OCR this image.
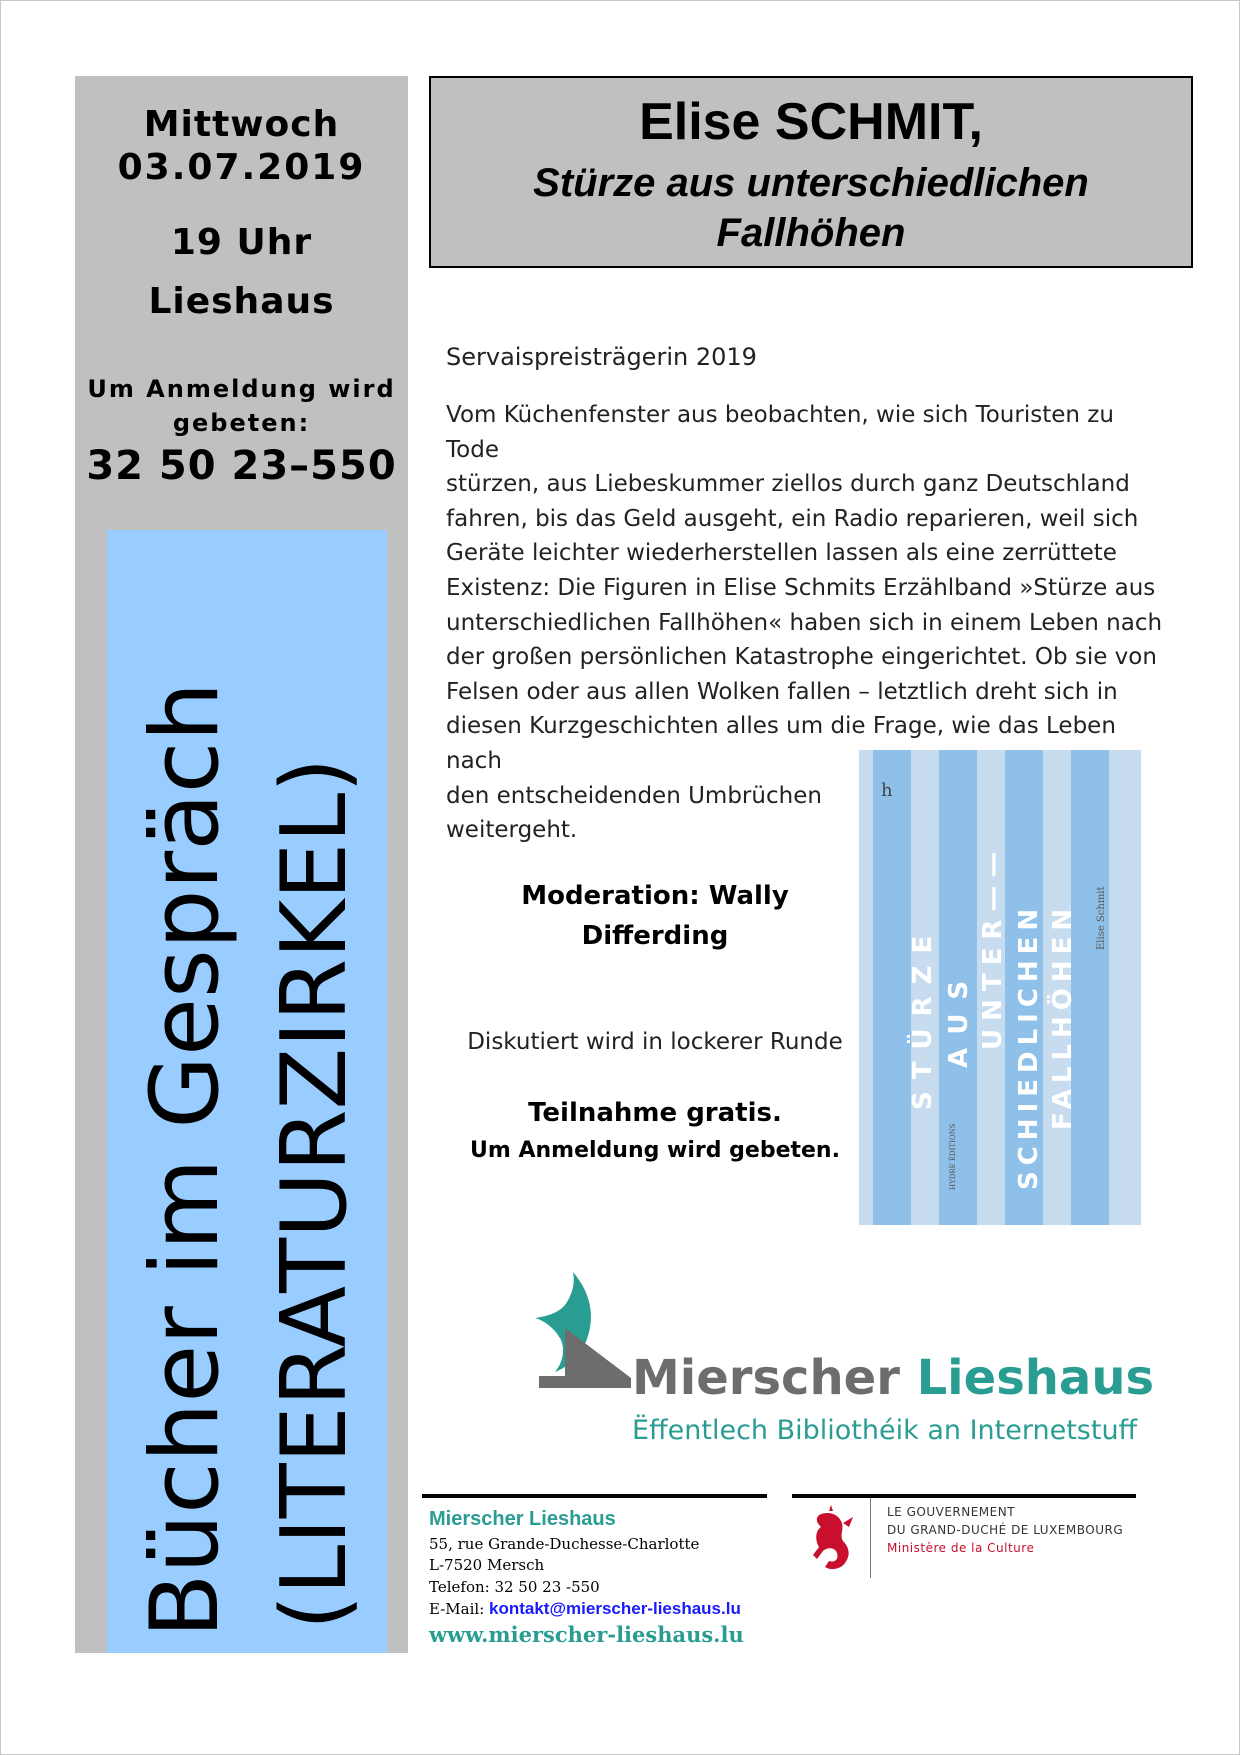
Mittwoch
03.07.2019
19 Uhr
Lieshaus
Um Anmeldung wird
gebeten:
32 50 23–550
Bücher im Gespräch (LITERATURZIRKEL)
Elise SCHMIT,
Stürze aus unterschiedlichen
Fallhöhen
Servaispreisträgerin 2019
Vom Küchenfenster aus beobachten, wie sich Touristen zu Tode
stürzen, aus Liebeskummer ziellos durch ganz Deutschland
fahren, bis das Geld ausgeht, ein Radio reparieren, weil sich
Geräte leichter wiederherstellen lassen als eine zerrüttete
Existenz: Die Figuren in Elise Schmits Erzählband »Stürze aus
unterschiedlichen Fallhöhen« haben sich in einem Leben nach
der großen persönlichen Katastrophe eingerichtet. Ob sie von
Felsen oder aus allen Wolken fallen – letztlich dreht sich in
diesen Kurzgeschichten alles um die Frage, wie das Leben nach
den entscheidenden Umbrüchen
weitergeht.
Moderation: Wally
Differding
Diskutiert wird in lockerer Runde
Teilnahme gratis.
Um Anmeldung wird gebeten.
h
STÜRZE AUS UNTER—— SCHIEDLICHEN FALLHÖHEN Elise Schmit
HYDRE ÉDITIONS
Mierscher Lieshaus
Ëffentlech Bibliothéik an Internetstuff
Mierscher Lieshaus
55, rue Grande-Duchesse-Charlotte
L-7520 Mersch
Telefon: 32 50 23 -550
E-Mail: kontakt@mierscher-lieshaus.lu
www.mierscher-lieshaus.lu
LE GOUVERNEMENT
DU GRAND-DUCHÉ DE LUXEMBOURG
Ministère de la Culture
